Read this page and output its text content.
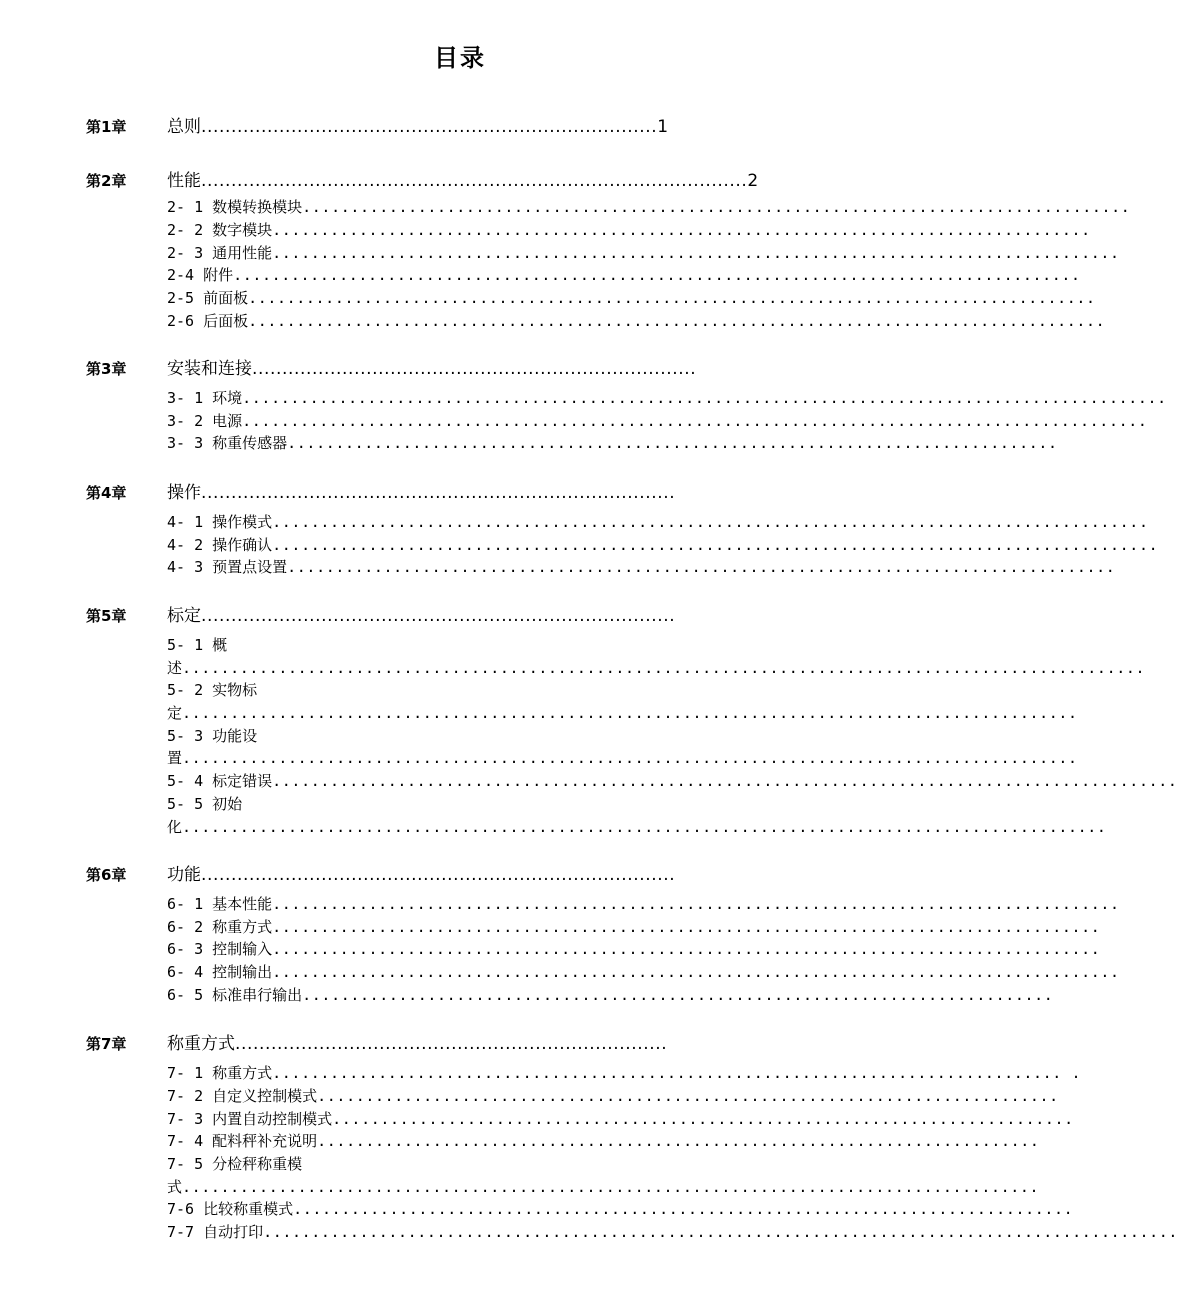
目录
第1章 总则............................................................................1
第2章 性能...........................................................................................2
2- 1 数模转换模块......................................................................................
2- 2 数字模块.....................................................................................
2- 3 通用性能........................................................................................
2-4 附件........................................................................................
2-5 前面板........................................................................................
2-6 后面板.........................................................................................
第3章 安装和连接..........................................................................
3- 1 环境................................................................................................
3- 2 电源..............................................................................................
3- 3 称重传感器................................................................................
第4章 操作...............................................................................
4- 1 操作模式...........................................................................................
4- 2 操作确认............................................................................................
4- 3 预置点设置......................................................................................
第5章 标定...............................................................................
5- 1 概
述....................................................................................................
5- 2 实物标
定.............................................................................................
5- 3 功能设
置.............................................................................................
5- 4 标定错误..............................................................................................
5- 5 初始
化................................................................................................
第6章 功能...............................................................................
6- 1 基本性能........................................................................................
6- 2 称重方式......................................................................................
6- 3 控制输入......................................................................................
6- 4 控制输出........................................................................................
6- 5 标准串行输出..............................................................................
第7章 称重方式........................................................................
7- 1 称重方式.................................................................................. .
7- 2 自定义控制模式.............................................................................
7- 3 内置自动控制模式.............................................................................
7- 4 配料秤补充说明...........................................................................
7- 5 分检秤称重模
式.........................................................................................
7-6 比较称重模式.................................................................................
7-7 自动打印...............................................................................................
